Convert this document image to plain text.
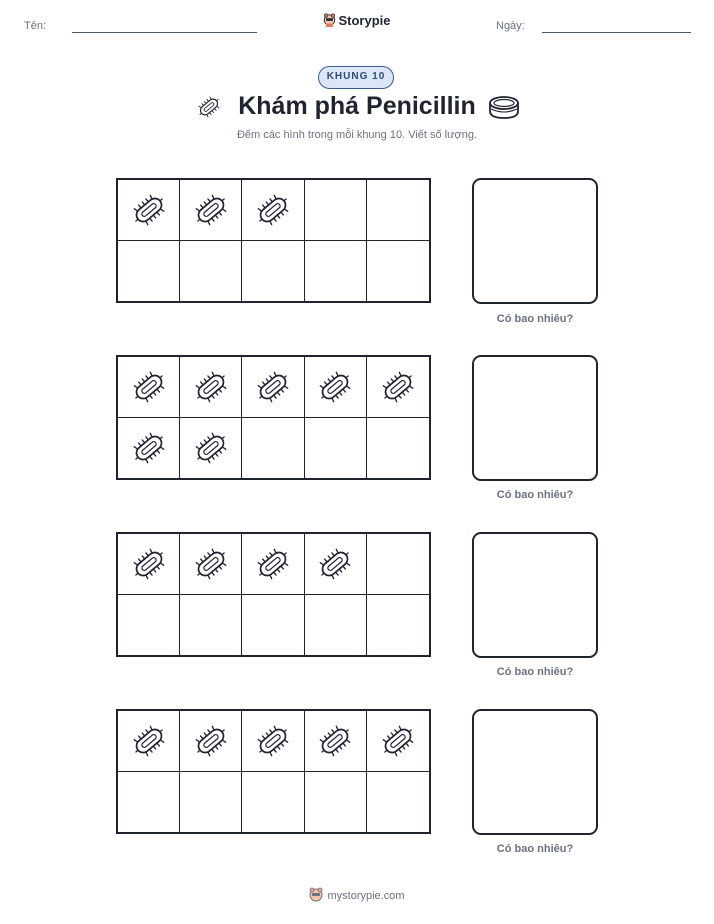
Tên:	Storypie	Ngày:
KHUNG 10
Khám phá Penicillin
Đếm các hình trong mỗi khung 10. Viết số lượng.
Có bao nhiêu?
Có bao nhiêu?
Có bao nhiêu?
Có bao nhiêu?
mystorypie.com
